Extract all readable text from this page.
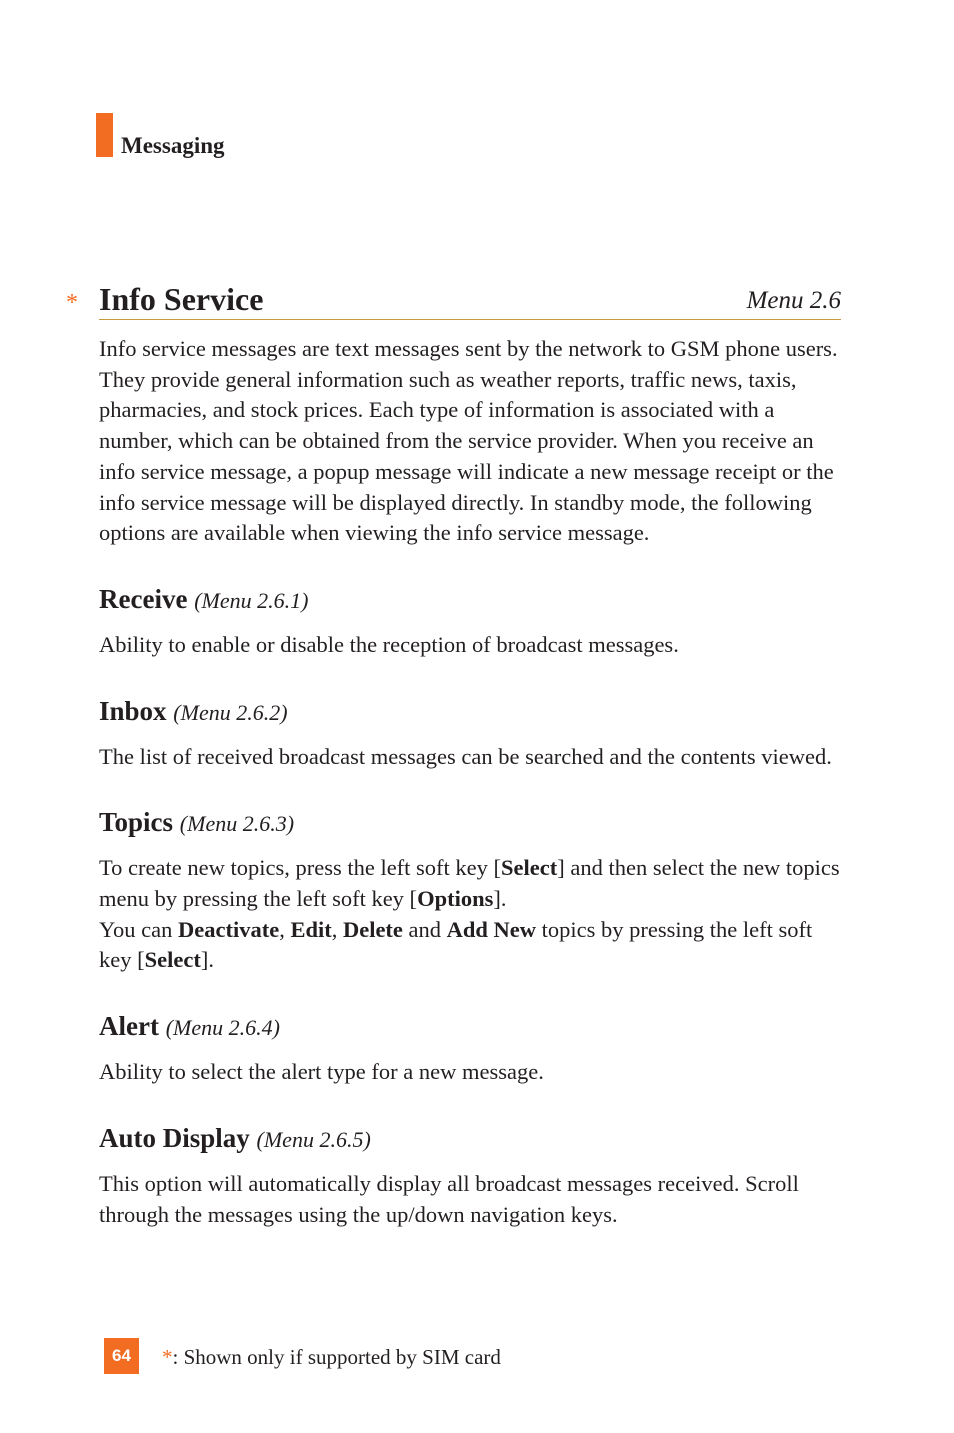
Messaging
* Info Service	Menu 2.6

Info service messages are text messages sent by the network to GSM phone users. They provide general information such as weather reports, traffic news, taxis, pharmacies, and stock prices. Each type of information is associated with a number, which can be obtained from the service provider. When you receive an info service message, a popup message will indicate a new message receipt or the info service message will be displayed directly. In standby mode, the following options are available when viewing the info service message.

Receive (Menu 2.6.1)

Ability to enable or disable the reception of broadcast messages.

Inbox (Menu 2.6.2)

The list of received broadcast messages can be searched and the contents viewed.

Topics (Menu 2.6.3)

To create new topics, press the left soft key [Select] and then select the new topics menu by pressing the left soft key [Options].

You can Deactivate, Edit, Delete and Add New topics by pressing the left soft key [Select].

Alert (Menu 2.6.4)

Ability to select the alert type for a new message.

Auto Display (Menu 2.6.5)

This option will automatically display all broadcast messages received. Scroll through the messages using the up/down navigation keys.

64	*: Shown only if supported by SIM card
